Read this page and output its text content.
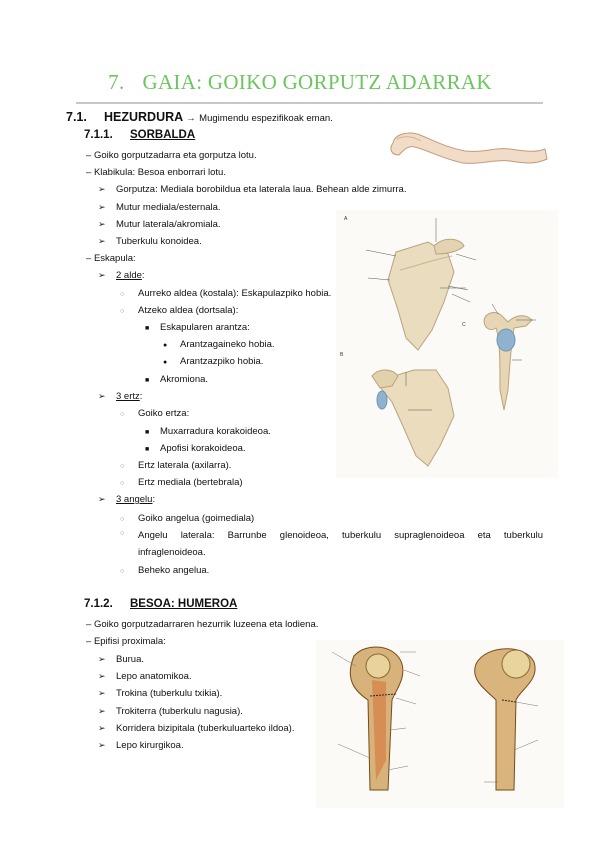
7. GAIA: GOIKO GORPUTZ ADARRAK
7.1. HEZURDURA → Mugimendu espezifikoak eman.
7.1.1. SORBALDA
– Goiko gorputzadarra eta gorputza lotu.
– Klabikula: Besoa enborrari lotu.
➢ Gorputza: Mediala borobildua eta laterala laua. Behean alde zimurra.
➢ Mutur mediala/esternala.
➢ Mutur laterala/akromiala.
➢ Tuberkulu konoidea.
– Eskapula:
➢ 2 alde:
○ Aurreko aldea (kostala): Eskapulazpiko hobia.
○ Atzeko aldea (dortsala):
■ Eskapularen arantza:
● Arantzagaineko hobia.
● Arantzazpiko hobia.
■ Akromiona.
➢ 3 ertz:
○ Goiko ertza:
■ Muxarradura korakoideoa.
■ Apofisi korakoideoa.
○ Ertz laterala (axilarra).
○ Ertz mediala (bertebrala)
➢ 3 angelu:
○ Goiko angelua (goimediala)
○	Angelu laterala: Barrunbe glenoideoa, tuberkulu supraglenoideoa eta tuberkulu
infraglenoideoa.
○ Beheko angelua.
7.1.2. BESOA: HUMEROA
– Goiko gorputzadarraren hezurrik luzeena eta lodiena.
– Epifisi proximala:
➢ Burua.
➢ Lepo anatomikoa.
➢ Trokina (tuberkulu txikia).
➢ Trokiterra (tuberkulu nagusia).
➢ Korridera bizipitala (tuberkuluarteko ildoa).
➢ Lepo kirurgikoa.
A
B
C
